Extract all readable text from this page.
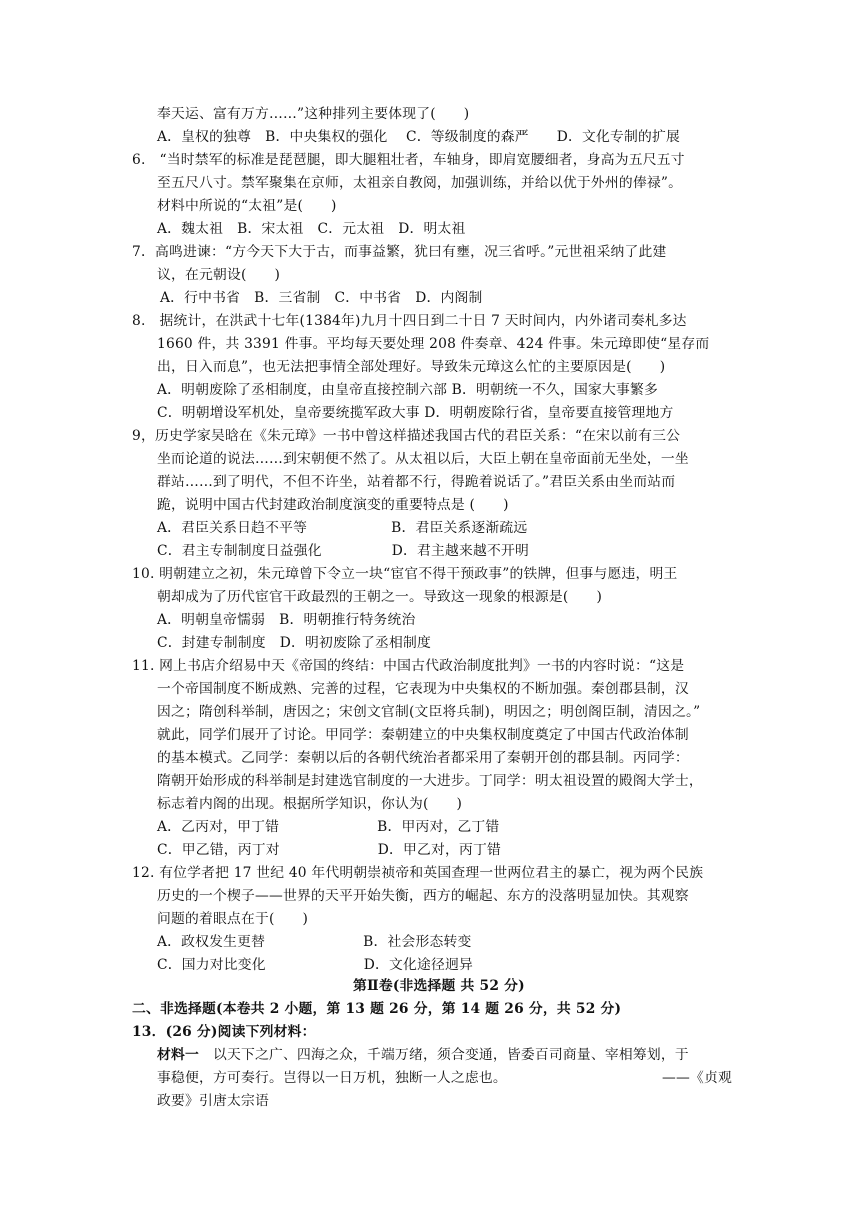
奉天运、富有万方……”这种排列主要体现了(　　)
A．皇权的独尊　B．中央集权的强化　 C．等级制度的森严　　D．文化专制的扩展
6.　“当时禁军的标准是琵琶腿，即大腿粗壮者，车轴身，即肩宽腰细者，身高为五尺五寸
至五尺八寸。禁军聚集在京师，太祖亲自教阅，加强训练，并给以优于外州的俸禄”。
材料中所说的“太祖”是(　　)
A．魏太祖　B．宋太祖　C．元太祖　D．明太祖
7．高鸣进谏：“方今天下大于古，而事益繁，犹曰有壅，况三省呼。”元世祖采纳了此建
议，在元朝设(　　)
A．行中书省　B．三省制　C．中书省　D．内阁制
8.　据统计，在洪武十七年(1384年)九月十四日到二十日 7 天时间内，内外诸司奏札多达
1660 件，共 3391 件事。平均每天要处理 208 件奏章、424 件事。朱元璋即使“星存而
出，日入而息”，也无法把事情全部处理好。导致朱元璋这么忙的主要原因是(　　)
A．明朝废除了丞相制度，由皇帝直接控制六部 B．明朝统一不久，国家大事繁多
C．明朝增设军机处，皇帝要统揽军政大事 D．明朝废除行省，皇帝要直接管理地方
9，历史学家吴晗在《朱元璋》一书中曾这样描述我国古代的君臣关系：“在宋以前有三公
坐而论道的说法……到宋朝便不然了。从太祖以后，大臣上朝在皇帝面前无坐处，一坐
群站……到了明代，不但不许坐，站着都不行，得跪着说话了。”君臣关系由坐而站而
跪，说明中国古代封建政治制度演变的重要特点是 (　　)
A．君臣关系日趋不平等　　　　　　B．君臣关系逐渐疏远
C．君主专制制度日益强化　　　　　D．君主越来越不开明
10. 明朝建立之初，朱元璋曾下令立一块“宦官不得干预政事”的铁牌，但事与愿违，明王
朝却成为了历代宦官干政最烈的王朝之一。导致这一现象的根源是(　　)
A．明朝皇帝懦弱　B．明朝推行特务统治
C．封建专制制度　D．明初废除了丞相制度
11. 网上书店介绍易中天《帝国的终结：中国古代政治制度批判》一书的内容时说：“这是
一个帝国制度不断成熟、完善的过程，它表现为中央集权的不断加强。秦创郡县制，汉
因之；隋创科举制，唐因之；宋创文官制(文臣将兵制)，明因之；明创阁臣制，清因之。”
就此，同学们展开了讨论。甲同学：秦朝建立的中央集权制度奠定了中国古代政治体制
的基本模式。乙同学：秦朝以后的各朝代统治者都采用了秦朝开创的郡县制。丙同学：
隋朝开始形成的科举制是封建选官制度的一大进步。丁同学：明太祖设置的殿阁大学士，
标志着内阁的出现。根据所学知识，你认为(　　)
A．乙丙对，甲丁错　　　　　　　B．甲丙对，乙丁错
C．甲乙错，丙丁对　　　　　　　D．甲乙对，丙丁错
12. 有位学者把 17 世纪 40 年代明朝崇祯帝和英国查理一世两位君主的暴亡，视为两个民族
历史的一个楔子——世界的天平开始失衡，西方的崛起、东方的没落明显加快。其观察
问题的着眼点在于(　　)
A．政权发生更替　　　　　　　B．社会形态转变
C．国力对比变化　　　　　　　D．文化途径迥异
第Ⅱ卷(非选择题 共 52 分)
二、非选择题(本卷共 2 小题，第 13 题 26 分，第 14 题 26 分，共 52 分)
13．(26 分)阅读下列材料：
材料一　以天下之广、四海之众，千端万绪，须合变通，皆委百司商量、宰相筹划，于
事稳便，方可奏行。岂得以一日万机，独断一人之虑也。	——《贞观
政要》引唐太宗语
